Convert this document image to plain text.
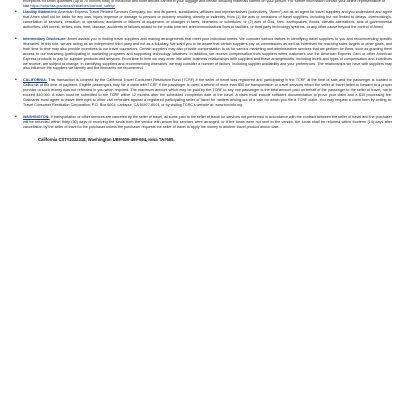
exceptions for small quantities (up to 70 ounces total) of medicinal and toilet articles carried in your luggage and certain smoking materials carried on your person. For further information contact your airline representative or visit https://www.faa.gov/about/initiatives/hazmat_safety/
• Liability Statement: American Express Travel Related Services Company, Inc. and its parent, subsidiaries, affiliates and representatives (collectively, "Amex") act as an agent for travel suppliers and you understand and agree that Amex shall not be liable for any loss, injury, expense or damage to persons or property resulting, directly or indirectly, from (1) the acts or omissions of travel suppliers, including but not limited to delays, overbooking's, cancellation of services, cessation of operations, accidents or failures of equipment, or changes in fares, itineraries or schedules; or (2) acts of God, fires, earthquakes, floods, climatic aberrations, acts of governmental authorities, civil unrest, strikes, riots, theft, disease, accidents or failures related to the public Internet, telecommunications lines or facilities, or third party technology systems, or any other cause beyond the control of Amex.
• Intermediary Disclosure: Amex assists you in finding travel suppliers and making arrangements that meet your individual needs. We consider various factors in identifying travel suppliers to you and recommending specific itineraries. In this role, we are acting as an independent third party and not as a fiduciary. We want you to be aware that certain suppliers pay us commissions as well as incentives for reaching sales targets or other goals, and from time to time may also provide incentives to our travel counselors. Certain suppliers may also provide compensation to us for various marketing and administrative services that we perform for them, such as granting them access to our marketing (participating in marketing programs and supporting technology initiatives. In addition, we receive compensation from suppliers when customers use the American Express Card or other American Express products to pay for supplier products and services. From time to time we may enter into other business relationships with suppliers and these arrangements, including levels and types of compensation and incentives we receive, are subject to change. In identifying suppliers and recommending itineraries, we may consider a number of factors, including supplier availability and your preferences. The relationships we have with suppliers may also influence the suppliers we identify and the itineraries we recommend.
• CALIFORNIA: This transaction is covered by the California Travel Consumer Restitution Fund (TCRF) if the seller of travel was registered and participating in the TCRF at the time of sale and the passenger is located in California at the time of payment. Eligible passengers may file a claim with TCRF if the passenger is owed a refund of more than $50 for transportation or travel services which the seller of travel failed to forward to a proper provider or such money was not refunded to you when required. The maximum amount which may be paid by the TCRF to any one passenger is the total amount paid on behalf of the passenger to the seller of travel, not to exceed $10,000. A claim must be submitted to the TCRF within 12 months after the scheduled completion date of the travel. A claim must include sufficient documentation to prove your claim and a $35 processing fee. Claimants must agree to waive their right to other civil remedies against a registered participating seller of travel for matters arising out of a sale for which you file a TCRF claim. You may request a claim form by writing to: Travel Consumer Restitution Corporation; P.O. Box 6001; Larkspur, CA 94977-6001, or by visiting TCRC's website at: www.tcrcinfo.org.
• WASHINGTON: If transportation or other services are canceled by the seller of travel, all sums paid to the seller of travel for services not performed in accordance with the contract between the seller of travel and the purchaser will be refunded within thirty (30) days of receiving the funds from the vendor with whom the services were arranged, or if the funds were not sent to the vendor, the funds shall be returned within fourteen (14) days after cancellation by the seller of travel to the purchaser unless the purchaser requests the seller of travel to apply the money to another travel product and/or date.
California CST#1022318, Washington UBI#606-469-694, Iowa TA#665.
